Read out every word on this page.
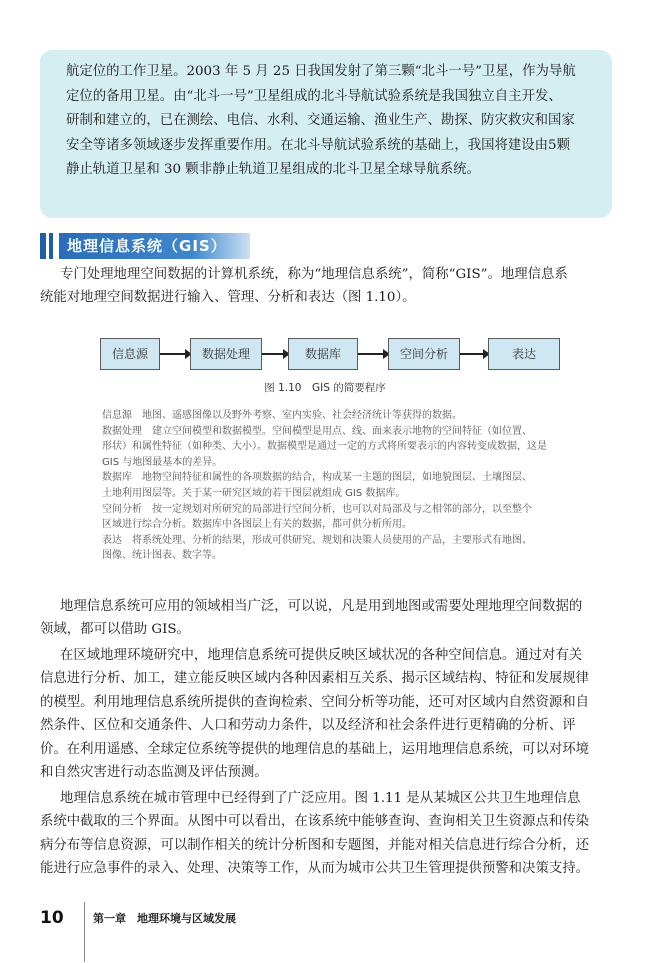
航定位的工作卫星。2003 年 5 月 25 日我国发射了第三颗“北斗一号”卫星，作为导航
定位的备用卫星。由“北斗一号”卫星组成的北斗导航试验系统是我国独立自主开发、
研制和建立的，已在测绘、电信、水利、交通运输、渔业生产、勘探、防灾救灾和国家
安全等诸多领域逐步发挥重要作用。在北斗导航试验系统的基础上，我国将建设由5颗
静止轨道卫星和 30 颗非静止轨道卫星组成的北斗卫星全球导航系统。
地理信息系统（GIS）
专门处理地理空间数据的计算机系统，称为“地理信息系统”，简称“GIS”。地理信息系
统能对地理空间数据进行输入、管理、分析和表达（图 1.10）。
信息源	数据处理	数据库	空间分析	表达
图 1.10　GIS 的简要程序
信息源　地图、遥感图像以及野外考察、室内实验、社会经济统计等获得的数据。
数据处理　建立空间模型和数据模型。空间模型是用点、线、面来表示地物的空间特征（如位置、
形状）和属性特征（如种类、大小）。数据模型是通过一定的方式将所要表示的内容转变成数据，这是
GIS 与地图最基本的差异。
数据库　地物空间特征和属性的各项数据的结合，构成某一主题的图层，如地貌图层、土壤图层、
土地利用图层等。关于某一研究区域的若干图层就组成 GIS 数据库。
空间分析　按一定规划对所研究的局部进行空间分析，也可以对局部及与之相邻的部分，以至整个
区域进行综合分析。数据库中各图层上有关的数据，都可供分析所用。
表达　将系统处理、分析的结果，形成可供研究、规划和决策人员使用的产品，主要形式有地图、
图像、统计图表、数字等。
地理信息系统可应用的领域相当广泛，可以说，凡是用到地图或需要处理地理空间数据的
领域，都可以借助 GIS。
在区域地理环境研究中，地理信息系统可提供反映区域状况的各种空间信息。通过对有关
信息进行分析、加工，建立能反映区域内各种因素相互关系、揭示区域结构、特征和发展规律
的模型。利用地理信息系统所提供的查询检索、空间分析等功能，还可对区域内自然资源和自
然条件、区位和交通条件、人口和劳动力条件，以及经济和社会条件进行更精确的分析、评
价。在利用遥感、全球定位系统等提供的地理信息的基础上，运用地理信息系统，可以对环境
和自然灾害进行动态监测及评估预测。
地理信息系统在城市管理中已经得到了广泛应用。图 1.11 是从某城区公共卫生地理信息
系统中截取的三个界面。从图中可以看出，在该系统中能够查询、查询相关卫生资源点和传染
病分布等信息资源，可以制作相关的统计分析图和专题图，并能对相关信息进行综合分析，还
能进行应急事件的录入、处理、决策等工作，从而为城市公共卫生管理提供预警和决策支持。
10	第一章　地理环境与区域发展
